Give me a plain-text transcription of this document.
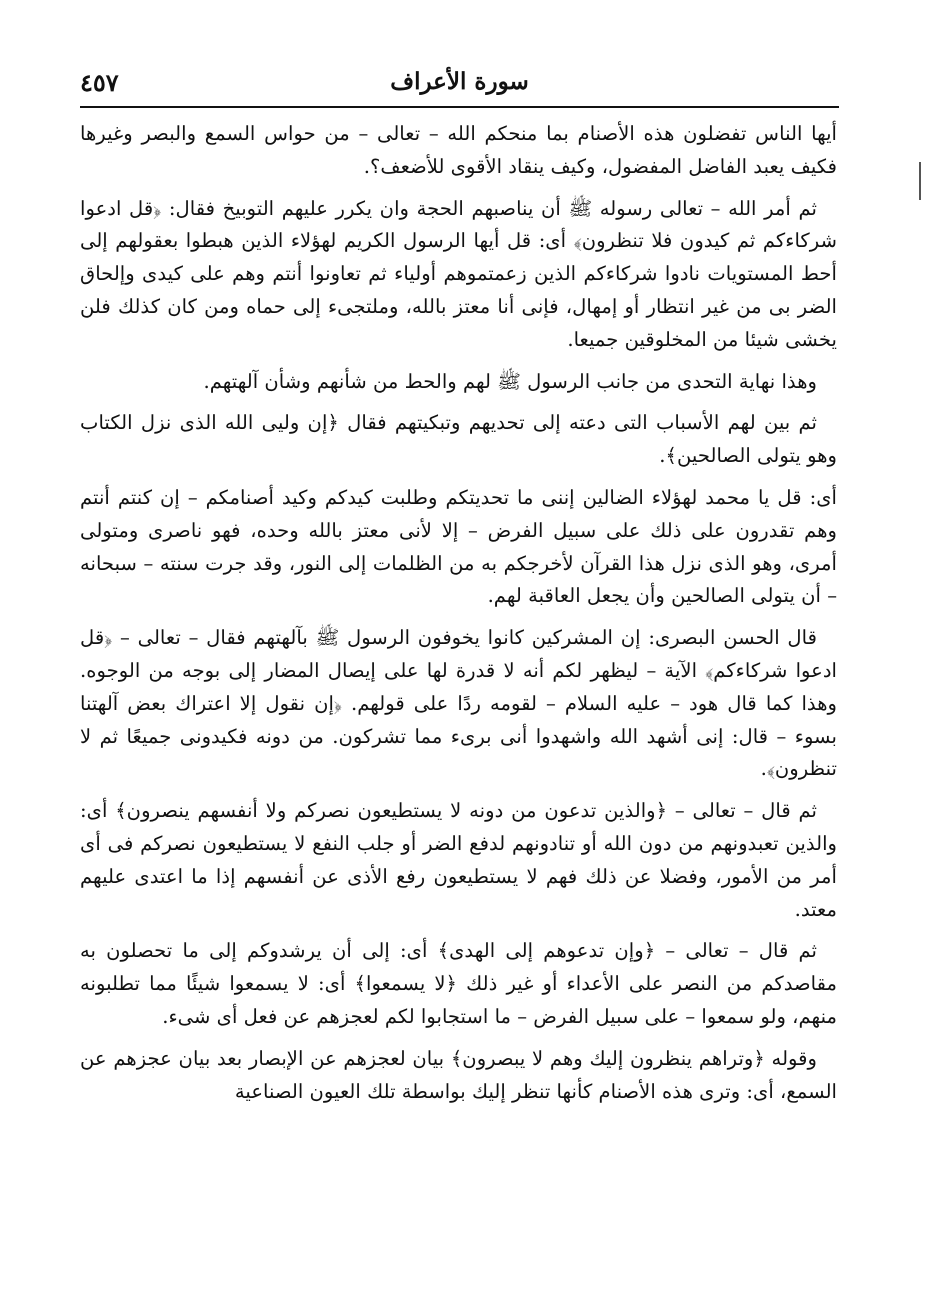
٤٥٧	سورة الأعراف

أيها الناس تفضلون هذه الأصنام بما منحكم الله – تعالى – من حواس السمع والبصر وغيرها فكيف يعبد الفاضل المفضول، وكيف ينقاد الأقوى للأضعف؟.

ثم أمر الله – تعالى رسوله ﷺ أن يناصبهم الحجة وان يكرر عليهم التوبيخ فقال: ﴿قل ادعوا شركاءكم ثم كيدون فلا تنظرون﴾ أى: قل أيها الرسول الكريم لهؤلاء الذين هبطوا بعقولهم إلى أحط المستويات نادوا شركاءكم الذين زعمتموهم أولياء ثم تعاونوا أنتم وهم على كيدى وإلحاق الضر بى من غير انتظار أو إمهال، فإنى أنا معتز بالله، وملتجىء إلى حماه ومن كان كذلك فلن يخشى شيئا من المخلوقين جميعا.

وهذا نهاية التحدى من جانب الرسول ﷺ لهم والحط من شأنهم وشأن آلهتهم.

ثم بين لهم الأسباب التى دعته إلى تحديهم وتبكيتهم فقال ﴿إن وليى الله الذى نزل الكتاب وهو يتولى الصالحين﴾.

أى: قل يا محمد لهؤلاء الضالين إننى ما تحديتكم وطلبت كيدكم وكيد أصنامكم – إن كنتم أنتم وهم تقدرون على ذلك على سبيل الفرض – إلا لأنى معتز بالله وحده، فهو ناصرى ومتولى أمرى، وهو الذى نزل هذا القرآن لأخرجكم به من الظلمات إلى النور، وقد جرت سنته – سبحانه – أن يتولى الصالحين وأن يجعل العاقبة لهم.

قال الحسن البصرى: إن المشركين كانوا يخوفون الرسول ﷺ بآلهتهم فقال – تعالى – ﴿قل ادعوا شركاءكم﴾ الآية – ليظهر لكم أنه لا قدرة لها على إيصال المضار إلى بوجه من الوجوه. وهذا كما قال هود – عليه السلام – لقومه ردًا على قولهم. ﴿إن نقول إلا اعتراك بعض آلهتنا بسوء – قال: إنى أشهد الله واشهدوا أنى برىء مما تشركون. من دونه فكيدونى جميعًا ثم لا تنظرون﴾.

ثم قال – تعالى – ﴿والذين تدعون من دونه لا يستطيعون نصركم ولا أنفسهم ينصرون﴾ أى: والذين تعبدونهم من دون الله أو تنادونهم لدفع الضر أو جلب النفع لا يستطيعون نصركم فى أى أمر من الأمور، وفضلا عن ذلك فهم لا يستطيعون رفع الأذى عن أنفسهم إذا ما اعتدى عليهم معتد.

ثم قال – تعالى – ﴿وإن تدعوهم إلى الهدى﴾ أى: إلى أن يرشدوكم إلى ما تحصلون به مقاصدكم من النصر على الأعداء أو غير ذلك ﴿لا يسمعوا﴾ أى: لا يسمعوا شيئًا مما تطلبونه منهم، ولو سمعوا – على سبيل الفرض – ما استجابوا لكم لعجزهم عن فعل أى شىء.

وقوله ﴿وتراهم ينظرون إليك وهم لا يبصرون﴾ بيان لعجزهم عن الإبصار بعد بيان عجزهم عن السمع، أى: وترى هذه الأصنام كأنها تنظر إليك بواسطة تلك العيون الصناعية
